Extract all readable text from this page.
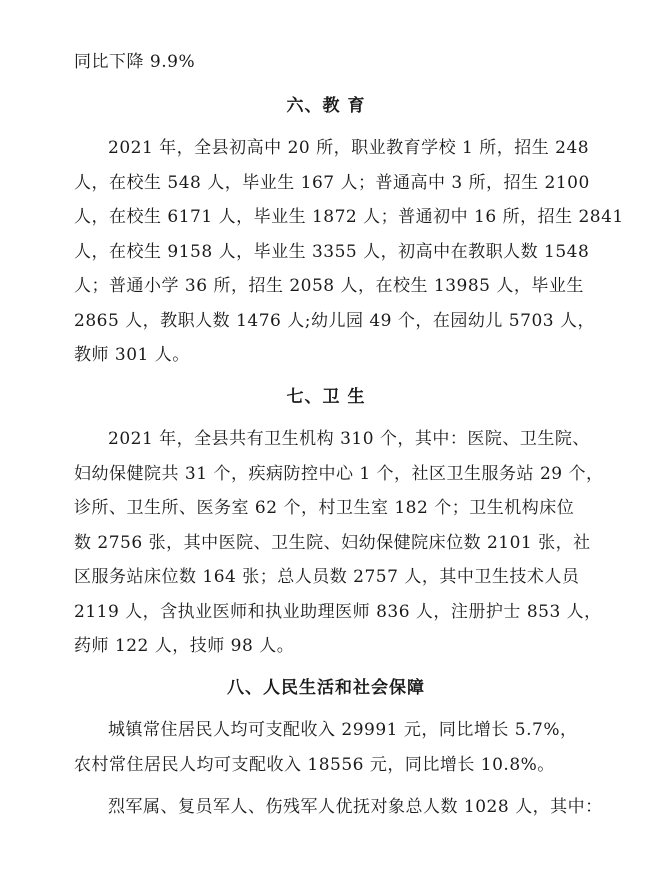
同比下降 9.9%
六、教 育
2021 年，全县初高中 20 所，职业教育学校 1 所，招生 248
人，在校生 548 人，毕业生 167 人；普通高中 3 所，招生 2100
人，在校生 6171 人，毕业生 1872 人；普通初中 16 所，招生 2841
人，在校生 9158 人，毕业生 3355 人，初高中在教职人数 1548
人；普通小学 36 所，招生 2058 人，在校生 13985 人，毕业生
2865 人，教职人数 1476 人;幼儿园 49 个，在园幼儿 5703 人，
教师 301 人。
七、卫 生
2021 年，全县共有卫生机构 310 个，其中：医院、卫生院、
妇幼保健院共 31 个，疾病防控中心 1 个，社区卫生服务站 29 个，
诊所、卫生所、医务室 62 个，村卫生室 182 个；卫生机构床位
数 2756 张，其中医院、卫生院、妇幼保健院床位数 2101 张，社
区服务站床位数 164 张；总人员数 2757 人，其中卫生技术人员
2119 人，含执业医师和执业助理医师 836 人，注册护士 853 人，
药师 122 人，技师 98 人。
八、人民生活和社会保障
城镇常住居民人均可支配收入 29991 元，同比增长 5.7%，
农村常住居民人均可支配收入 18556 元，同比增长 10.8%。
烈军属、复员军人、伤残军人优抚对象总人数 1028 人，其中：
